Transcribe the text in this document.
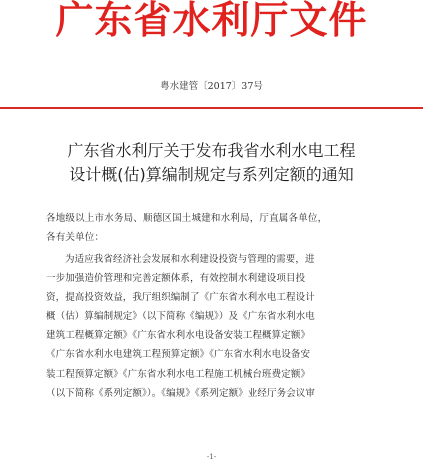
广东省水利厅文件
粤水建管〔2017〕37号
广东省水利厅关于发布我省水利水电工程
设计概(估)算编制规定与系列定额的通知
各地级以上市水务局、顺德区国土城建和水利局，厅直属各单位，
各有关单位：
为适应我省经济社会发展和水利建设投资与管理的需要，进
一步加强造价管理和完善定额体系，有效控制水利建设项目投
资，提高投资效益，我厅组织编制了《广东省水利水电工程设计
概（估）算编制规定》（以下简称《编规》）及《广东省水利水电
建筑工程概算定额》《广东省水利水电设备安装工程概算定额》
《广东省水利水电建筑工程预算定额》《广东省水利水电设备安
装工程预算定额》《广东省水利水电工程施工机械台班费定额》
（以下简称《系列定额》）。《编规》《系列定额》业经厅务会议审
-1-
